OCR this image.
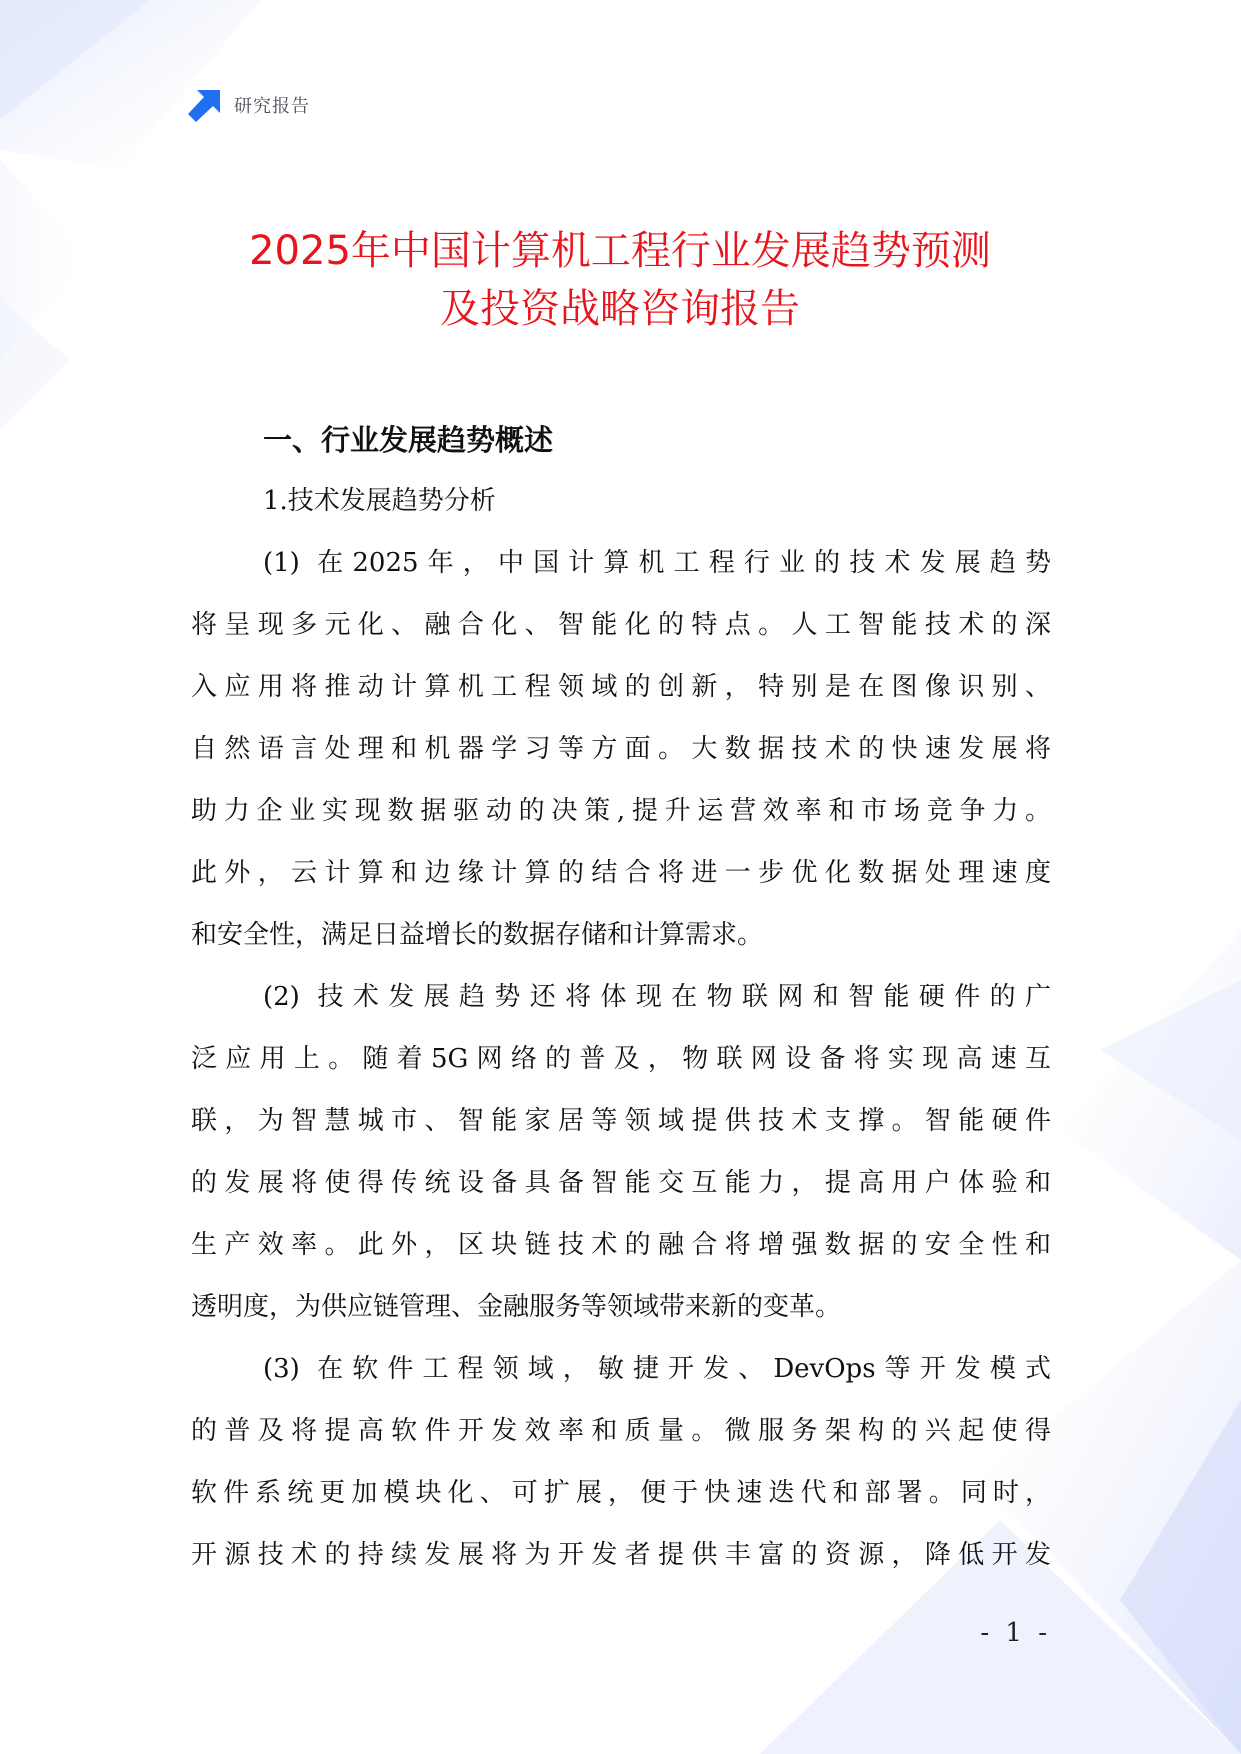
研究报告
2025年中国计算机工程行业发展趋势预测
及投资战略咨询报告
一、行业发展趋势概述
1.技术发展趋势分析

(1) 在2025年，中国计算机工程行业的技术发展趋势
将呈现多元化、融合化、智能化的特点。人工智能技术的深
入应用将推动计算机工程领域的创新，特别是在图像识别、
自然语言处理和机器学习等方面。大数据技术的快速发展将
助力企业实现数据驱动的决策,提升运营效率和市场竞争力。
此外，云计算和边缘计算的结合将进一步优化数据处理速度
和安全性，满足日益增长的数据存储和计算需求。

(2) 技术发展趋势还将体现在物联网和智能硬件的广
泛应用上。随着5G网络的普及，物联网设备将实现高速互
联，为智慧城市、智能家居等领域提供技术支撑。智能硬件
的发展将使得传统设备具备智能交互能力，提高用户体验和
生产效率。此外，区块链技术的融合将增强数据的安全性和
透明度，为供应链管理、金融服务等领域带来新的变革。

(3) 在软件工程领域，敏捷开发、DevOps等开发模式
的普及将提高软件开发效率和质量。微服务架构的兴起使得
软件系统更加模块化、可扩展，便于快速迭代和部署。同时，
开源技术的持续发展将为开发者提供丰富的资源，降低开发

- 1 -
